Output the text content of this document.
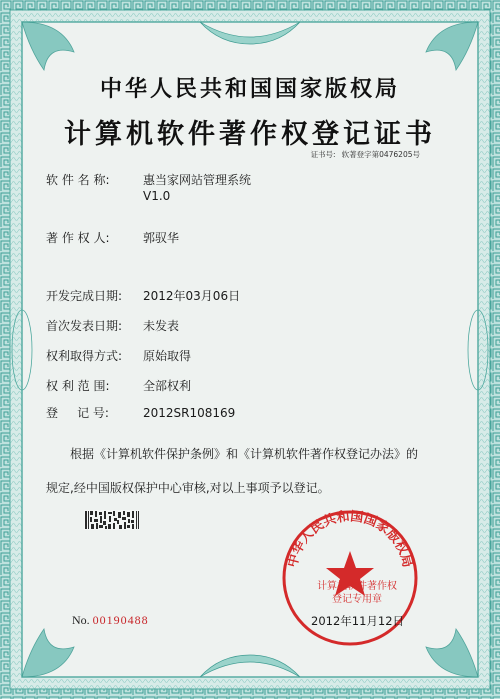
中华人民共和国国家版权局
计算机软件著作权登记证书
证书号: 软著登字第0476205号
软 件 名 称:	惠当家网站管理系统
V1.0
著 作 权 人:	郭驭华
开发完成日期: 2012年03月06日
首次发表日期: 未发表
权利取得方式: 原始取得
权 利 范 围:	全部权利
登     记 号:	2012SR108169
根据《计算机软件保护条例》和《计算机软件著作权登记办法》的
规定,经中国版权保护中心审核,对以上事项予以登记。
No. 00190488
中华人民共和国国家版权局
计算机软件著作权
登记专用章
2012年11月12日
